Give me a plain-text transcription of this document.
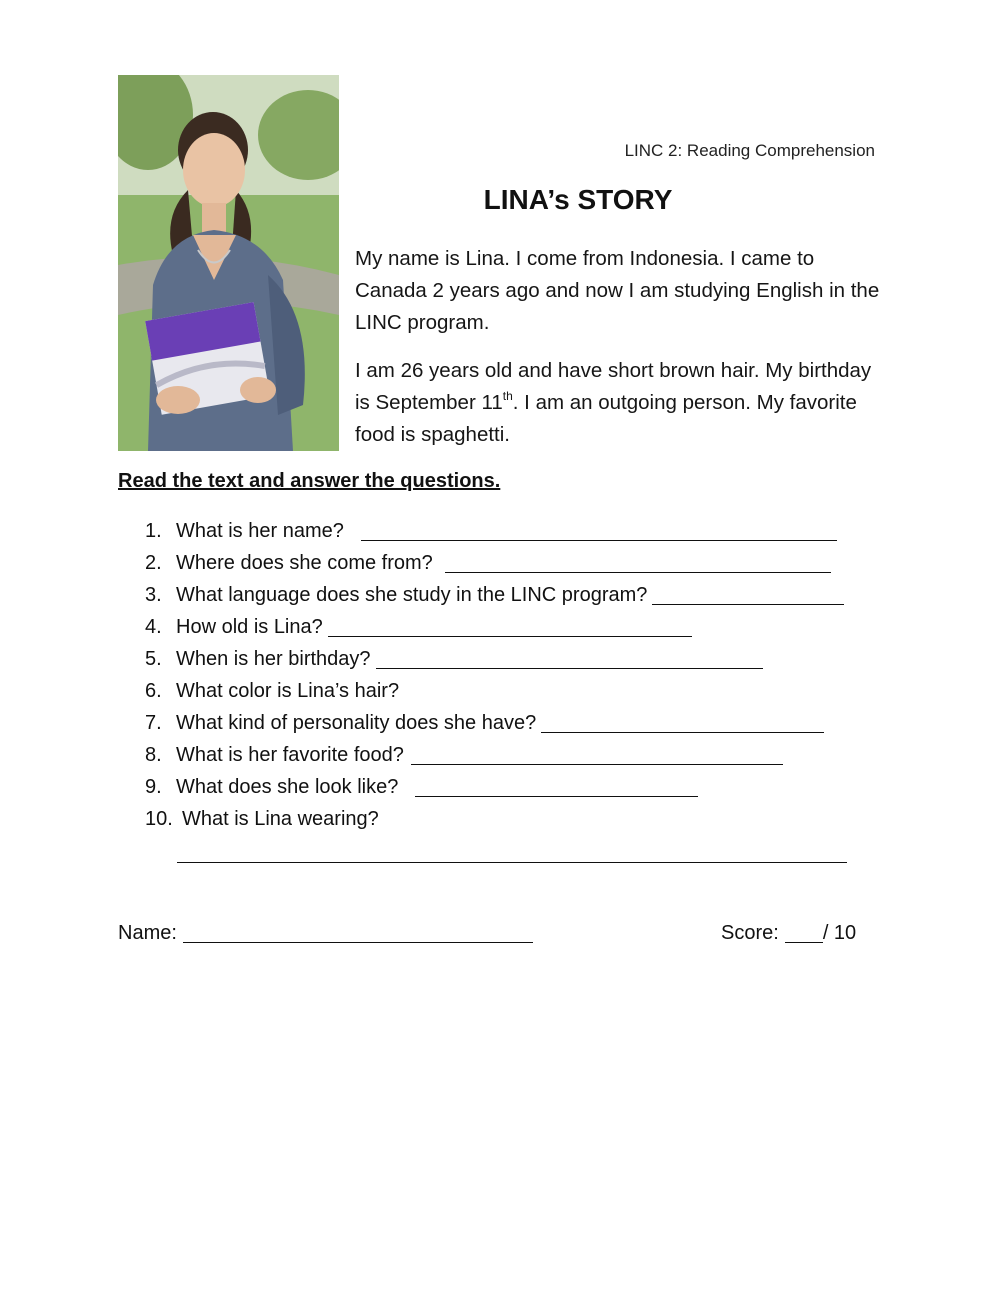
LINC 2: Reading Comprehension
LINA’s STORY

My name is Lina. I come from Indonesia. I came to Canada 2 years ago and now I am studying English in the LINC program.

I am 26 years old and have short brown hair. My birthday is September 11th. I am an outgoing person. My favorite food is spaghetti.

Read the text and answer the questions.
1. What is her name?
2. Where does she come from?
3. What language does she study in the LINC program?
4. How old is Lina?
5. When is her birthday?
6. What color is Lina’s hair?
7. What kind of personality does she have?
8. What is her favorite food?
9. What does she look like?
10. What is Lina wearing?
Name:	Score: / 10
